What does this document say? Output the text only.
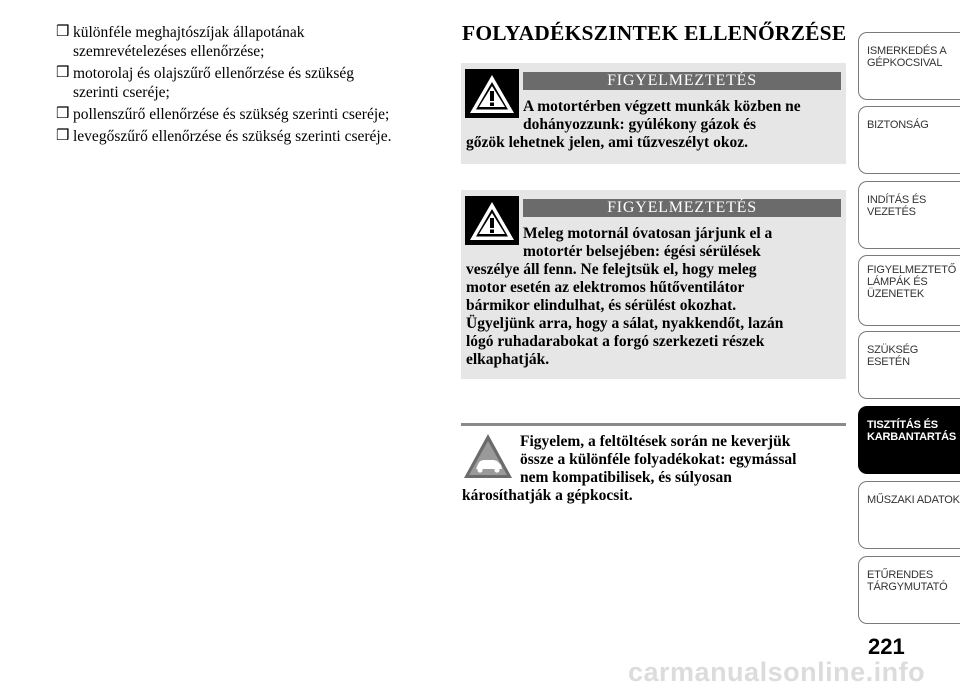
❒ különféle meghajtószíjak állapotának
szemrevételezéses ellenőrzése;
❒ motorolaj és olajszűrő ellenőrzése és szükség
szerinti cseréje;
❒ pollenszűrő ellenőrzése és szükség szerinti cseréje;
❒ levegőszűrő ellenőrzése és szükség szerinti cseréje.
FOLYADÉKSZINTEK ELLENŐRZÉSE
FIGYELMEZTETÉS
A motortérben végzett munkák közben ne
dohányozzunk: gyúlékony gázok és
gőzök lehetnek jelen, ami tűzveszélyt okoz.
FIGYELMEZTETÉS
Meleg motornál óvatosan járjunk el a
motortér belsejében: égési sérülések
veszélye áll fenn. Ne felejtsük el, hogy meleg
motor esetén az elektromos hűtőventilátor
bármikor elindulhat, és sérülést okozhat.
Ügyeljünk arra, hogy a sálat, nyakkendőt, lazán
lógó ruhadarabokat a forgó szerkezeti részek
elkaphatják.
Figyelem, a feltöltések során ne keverjük
össze a különféle folyadékokat: egymással
nem kompatibilisek, és súlyosan
károsíthatják a gépkocsit.
ISMERKEDÉS A
GÉPKOCSIVAL
BIZTONSÁG
INDÍTÁS ÉS
VEZETÉS
FIGYELMEZTETŐ
LÁMPÁK ÉS
ÜZENETEK
SZÜKSÉG ESETÉN
TISZTÍTÁS ÉS
KARBANTARTÁS
MŰSZAKI ADATOK
ETŰRENDES
TÁRGYMUTATÓ
221
carmanualsonline.info
